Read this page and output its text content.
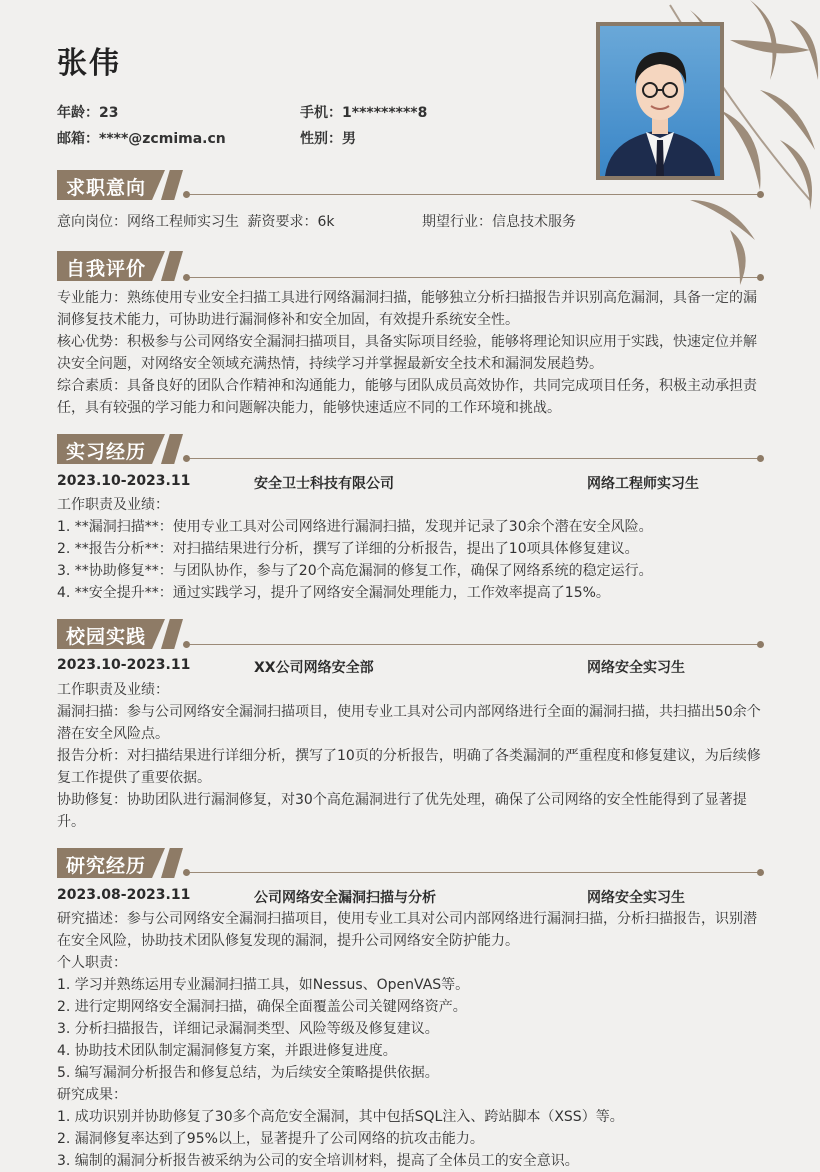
张伟
年龄：23	手机：1*********8
邮箱：****@zcmima.cn	性别：男
求职意向
意向岗位：网络工程师实习生 薪资要求：6k	期望行业：信息技术服务
自我评价
专业能力：熟练使用专业安全扫描工具进行网络漏洞扫描，能够独立分析扫描报告并识别高危漏洞，具备一定的漏
洞修复技术能力，可协助进行漏洞修补和安全加固，有效提升系统安全性。
核心优势：积极参与公司网络安全漏洞扫描项目，具备实际项目经验，能够将理论知识应用于实践，快速定位并解
决安全问题，对网络安全领域充满热情，持续学习并掌握最新安全技术和漏洞发展趋势。
综合素质：具备良好的团队合作精神和沟通能力，能够与团队成员高效协作，共同完成项目任务，积极主动承担责
任，具有较强的学习能力和问题解决能力，能够快速适应不同的工作环境和挑战。
实习经历
2023.10-2023.11	安全卫士科技有限公司	网络工程师实习生
工作职责及业绩：
1. **漏洞扫描**：使用专业工具对公司网络进行漏洞扫描，发现并记录了30余个潜在安全风险。
2. **报告分析**：对扫描结果进行分析，撰写了详细的分析报告，提出了10项具体修复建议。
3. **协助修复**：与团队协作，参与了20个高危漏洞的修复工作，确保了网络系统的稳定运行。
4. **安全提升**：通过实践学习，提升了网络安全漏洞处理能力，工作效率提高了15%。
校园实践
2023.10-2023.11	XX公司网络安全部	网络安全实习生
工作职责及业绩：
漏洞扫描：参与公司网络安全漏洞扫描项目，使用专业工具对公司内部网络进行全面的漏洞扫描，共扫描出50余个
潜在安全风险点。
报告分析：对扫描结果进行详细分析，撰写了10页的分析报告，明确了各类漏洞的严重程度和修复建议，为后续修
复工作提供了重要依据。
协助修复：协助团队进行漏洞修复，对30个高危漏洞进行了优先处理，确保了公司网络的安全性能得到了显著提
升。
研究经历
2023.08-2023.11	公司网络安全漏洞扫描与分析	网络安全实习生
研究描述：参与公司网络安全漏洞扫描项目，使用专业工具对公司内部网络进行漏洞扫描，分析扫描报告，识别潜
在安全风险，协助技术团队修复发现的漏洞，提升公司网络安全防护能力。
个人职责：
1. 学习并熟练运用专业漏洞扫描工具，如Nessus、OpenVAS等。
2. 进行定期网络安全漏洞扫描，确保全面覆盖公司关键网络资产。
3. 分析扫描报告，详细记录漏洞类型、风险等级及修复建议。
4. 协助技术团队制定漏洞修复方案，并跟进修复进度。
5. 编写漏洞分析报告和修复总结，为后续安全策略提供依据。
研究成果：
1. 成功识别并协助修复了30多个高危安全漏洞，其中包括SQL注入、跨站脚本（XSS）等。
2. 漏洞修复率达到了95%以上，显著提升了公司网络的抗攻击能力。
3. 编制的漏洞分析报告被采纳为公司的安全培训材料，提高了全体员工的安全意识。
